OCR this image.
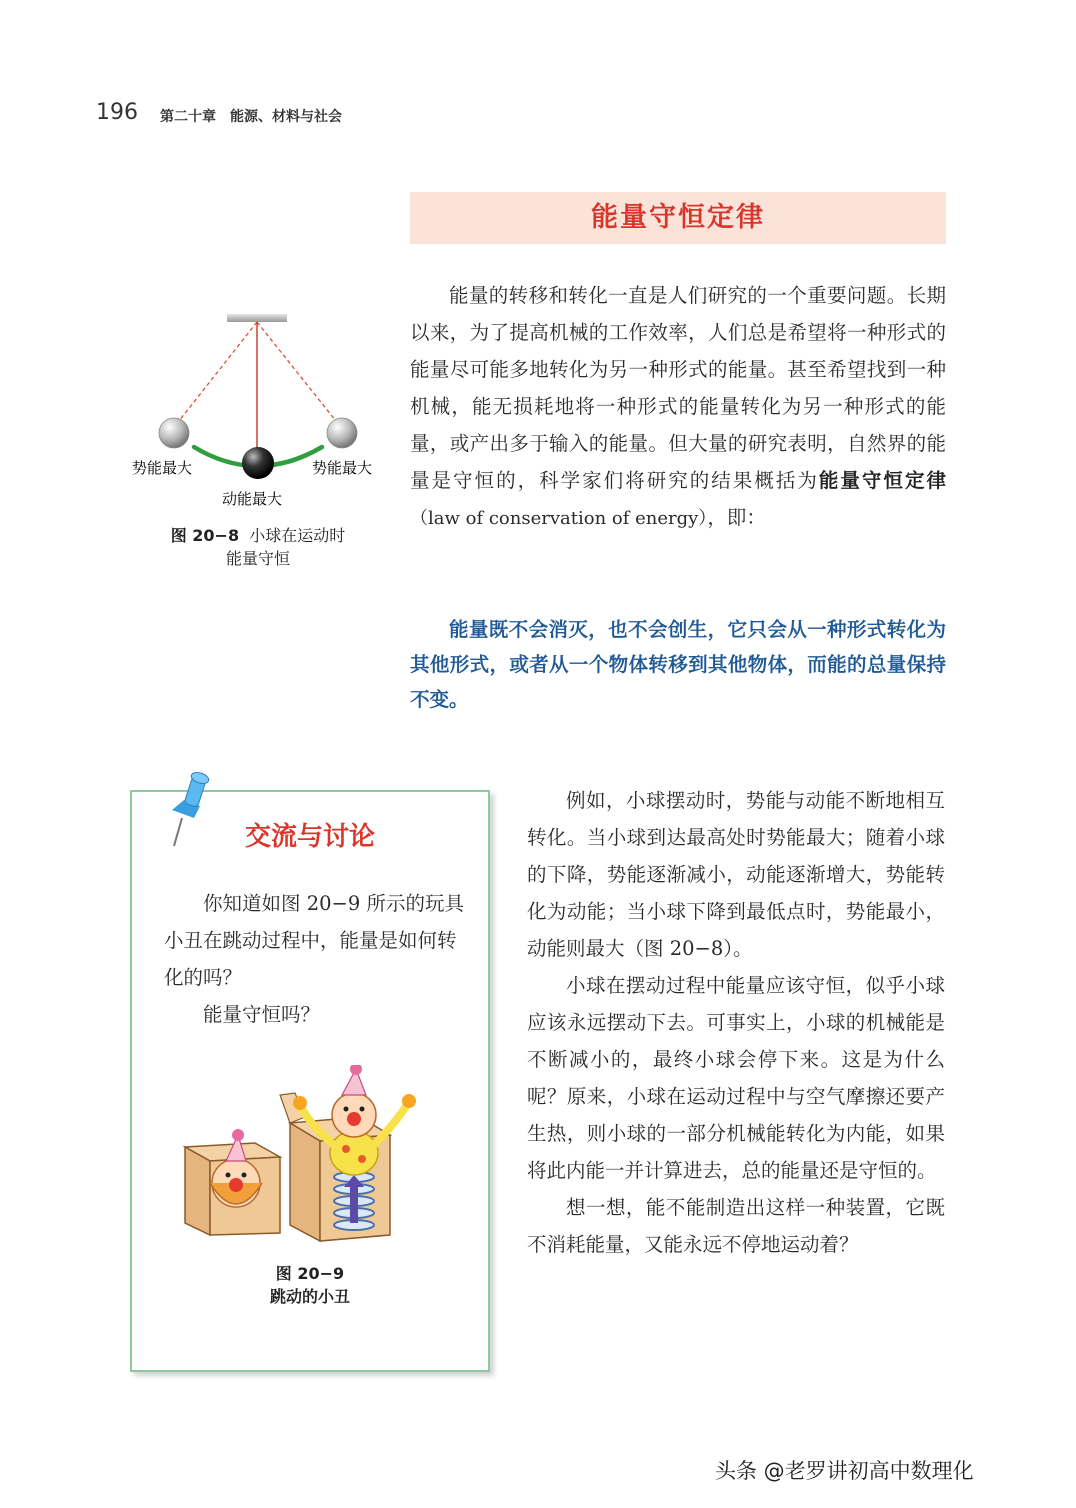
196 第二十章　能源、材料与社会
能量守恒定律

能量的转移和转化一直是人们研究的一个重要问题。长期以来，为了提高机械的工作效率，人们总是希望将一种形式的能量尽可能多地转化为另一种形式的能量。甚至希望找到一种机械，能无损耗地将一种形式的能量转化为另一种形式的能量，或产出多于输入的能量。但大量的研究表明，自然界的能量是守恒的，科学家们将研究的结果概括为能量守恒定律（law of conservation of energy），即：

能量既不会消灭，也不会创生，它只会从一种形式转化为其他形式，或者从一个物体转移到其他物体，而能的总量保持不变。
势能最大	势能最大
动能最大
图 20−8 小球在运动时
能量守恒
交流与讨论

你知道如图 20−9 所示的玩具小丑在跳动过程中，能量是如何转化的吗？

能量守恒吗？

图 20−9
跳动的小丑

例如，小球摆动时，势能与动能不断地相互转化。当小球到达最高处时势能最大；随着小球的下降，势能逐渐减小，动能逐渐增大，势能转化为动能；当小球下降到最低点时，势能最小，动能则最大（图 20−8）。

小球在摆动过程中能量应该守恒，似乎小球应该永远摆动下去。可事实上，小球的机械能是不断减小的，最终小球会停下来。这是为什么呢？原来，小球在运动过程中与空气摩擦还要产生热，则小球的一部分机械能转化为内能，如果将此内能一并计算进去，总的能量还是守恒的。

想一想，能不能制造出这样一种装置，它既不消耗能量，又能永远不停地运动着？

头条 @老罗讲初高中数理化
